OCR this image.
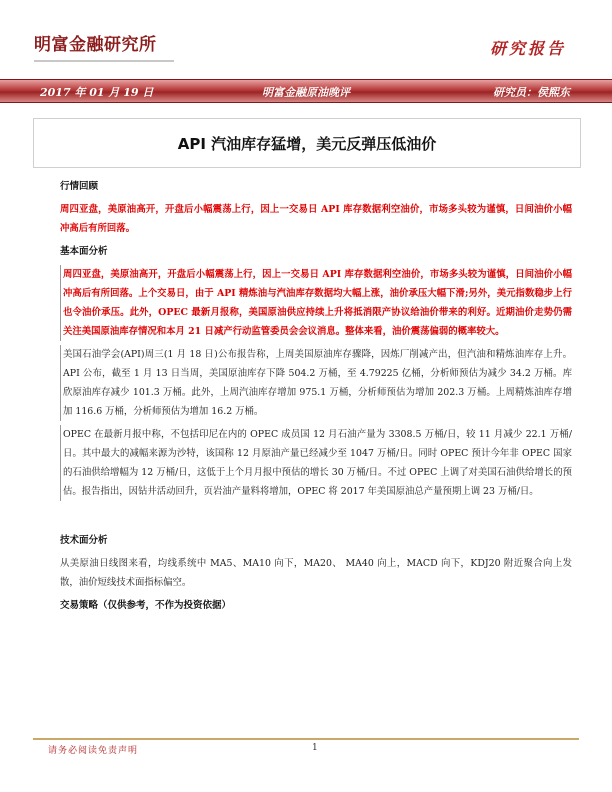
明富金融研究所	研究报告
2017 年 01 月 19 日	明富金融原油晚评	研究员：侯熙东
API 汽油库存猛增，美元反弹压低油价

行情回顾

周四亚盘，美原油高开，开盘后小幅震荡上行，因上一交易日 API 库存数据利空油价，市场多头较为谨慎，日间油价小幅冲高后有所回落。

基本面分析

周四亚盘，美原油高开，开盘后小幅震荡上行，因上一交易日 API 库存数据利空油价，市场多头较为谨慎，日间油价小幅冲高后有所回落。上个交易日，由于 API 精炼油与汽油库存数据均大幅上涨，油价承压大幅下滑;另外，美元指数稳步上行也令油价承压。此外，OPEC 最新月报称，美国原油供应持续上升将抵消限产协议给油价带来的利好。近期油价走势仍需关注美国原油库存情况和本月 21 日减产行动监管委员会会议消息。整体来看，油价震荡偏弱的概率较大。

美国石油学会(API)周三(1 月 18 日)公布报告称，上周美国原油库存骤降，因炼厂削减产出，但汽油和精炼油库存上升。API 公布，截至 1 月 13 日当周，美国原油库存下降 504.2 万桶，至 4.79225 亿桶，分析师预估为减少 34.2 万桶。库欣原油库存减少 101.3 万桶。此外，上周汽油库存增加 975.1 万桶，分析师预估为增加 202.3 万桶。上周精炼油库存增加 116.6 万桶，分析师预估为增加 16.2 万桶。

OPEC 在最新月报中称，不包括印尼在内的 OPEC 成员国 12 月石油产量为 3308.5 万桶/日，较 11 月减少 22.1 万桶/日。其中最大的减幅来源为沙特，该国称 12 月原油产量已经减少至 1047 万桶/日。同时 OPEC 预计今年非 OPEC 国家的石油供给增幅为 12 万桶/日，这低于上个月月报中预估的增长 30 万桶/日。不过 OPEC 上调了对美国石油供给增长的预估。报告指出，因钻井活动回升，页岩油产量料将增加，OPEC 将 2017 年美国原油总产量预期上调 23 万桶/日。

技术面分析

从美原油日线图来看，均线系统中 MA5、MA10 向下，MA20、 MA40 向上，MACD 向下，KDJ20 附近聚合向上发散，油价短线技术面指标偏空。

交易策略（仅供参考，不作为投资依据）

请务必阅读免责声明	1
